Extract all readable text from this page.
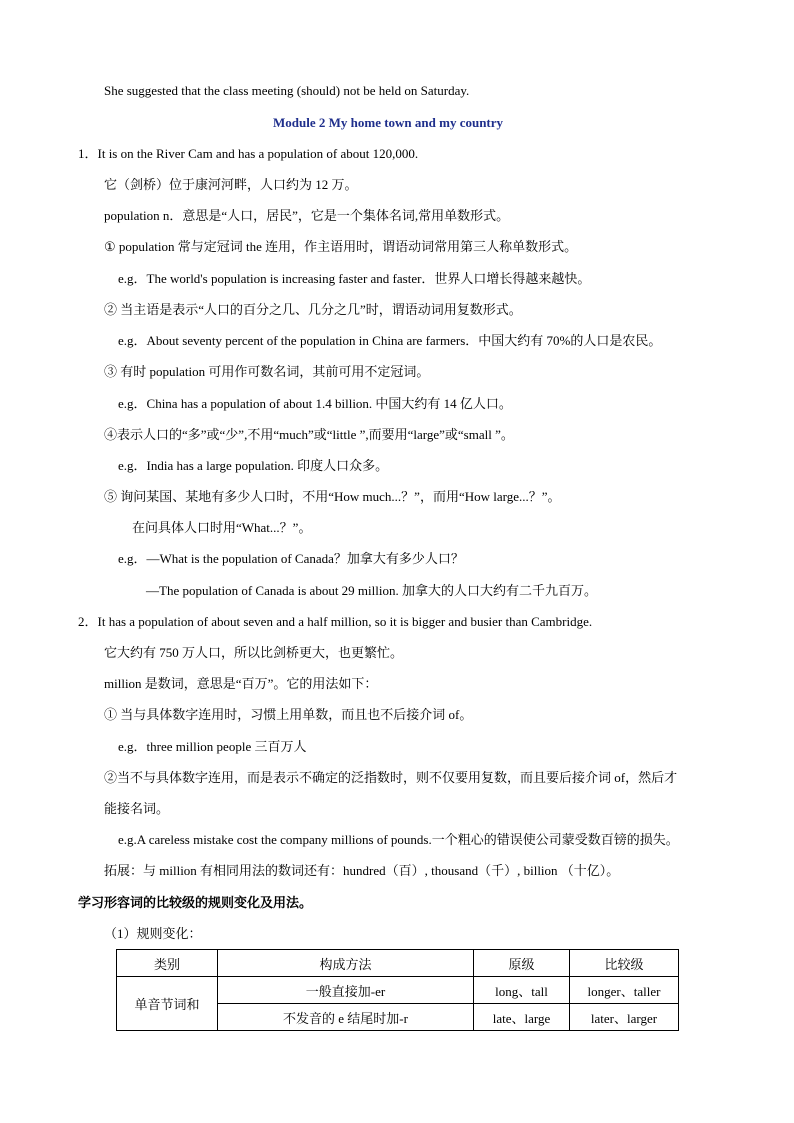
She suggested that the class meeting (should) not be held on Saturday.
Module 2 My home town and my country
1．It is on the River Cam and has a population of about 120,000.
它（剑桥）位于康河河畔，人口约为 12 万。
population n．意思是“人口，居民”，它是一个集体名词,常用单数形式。
① population 常与定冠词 the 连用，作主语用时，谓语动词常用第三人称单数形式。
e.g．The world's population is increasing faster and faster．世界人口增长得越来越快。
② 当主语是表示“人口的百分之几、几分之几”时，谓语动词用复数形式。
e.g．About seventy percent of the population in China are farmers．中国大约有 70%的人口是农民。
③ 有时 population 可用作可数名词，其前可用不定冠词。
e.g．China has a population of about 1.4 billion. 中国大约有 14 亿人口。
④表示人口的“多”或“少”,不用“much”或“little ”,而要用“large”或“small ”。
e.g．India has a large population. 印度人口众多。
⑤ 询问某国、某地有多少人口时，不用“How much...？”，而用“How large...？”。
在问具体人口时用“What...？”。
e.g．—What is the population of Canada？加拿大有多少人口？
—The population of Canada is about 29 million. 加拿大的人口大约有二千九百万。
2．It has a population of about seven and a half million, so it is bigger and busier than Cambridge.
它大约有 750 万人口，所以比剑桥更大，也更繁忙。
million 是数词，意思是“百万”。它的用法如下：
① 当与具体数字连用时，习惯上用单数，而且也不后接介词 of。
e.g．three million people 三百万人
②当不与具体数字连用，而是表示不确定的泛指数时，则不仅要用复数，而且要后接介词 of，然后才
能接名词。
e.g.A careless mistake cost the company millions of pounds.一个粗心的错误使公司蒙受数百镑的损失。
拓展：与 million 有相同用法的数词还有：hundred（百）, thousand（千）, billion （十亿）。
学习形容词的比较级的规则变化及用法。
（1）规则变化：
类别	构成方法	原级	比较级
单音节词和	一般直接加-er	long、tall	longer、taller
	不发音的 e 结尾时加-r	late、large	later、larger
